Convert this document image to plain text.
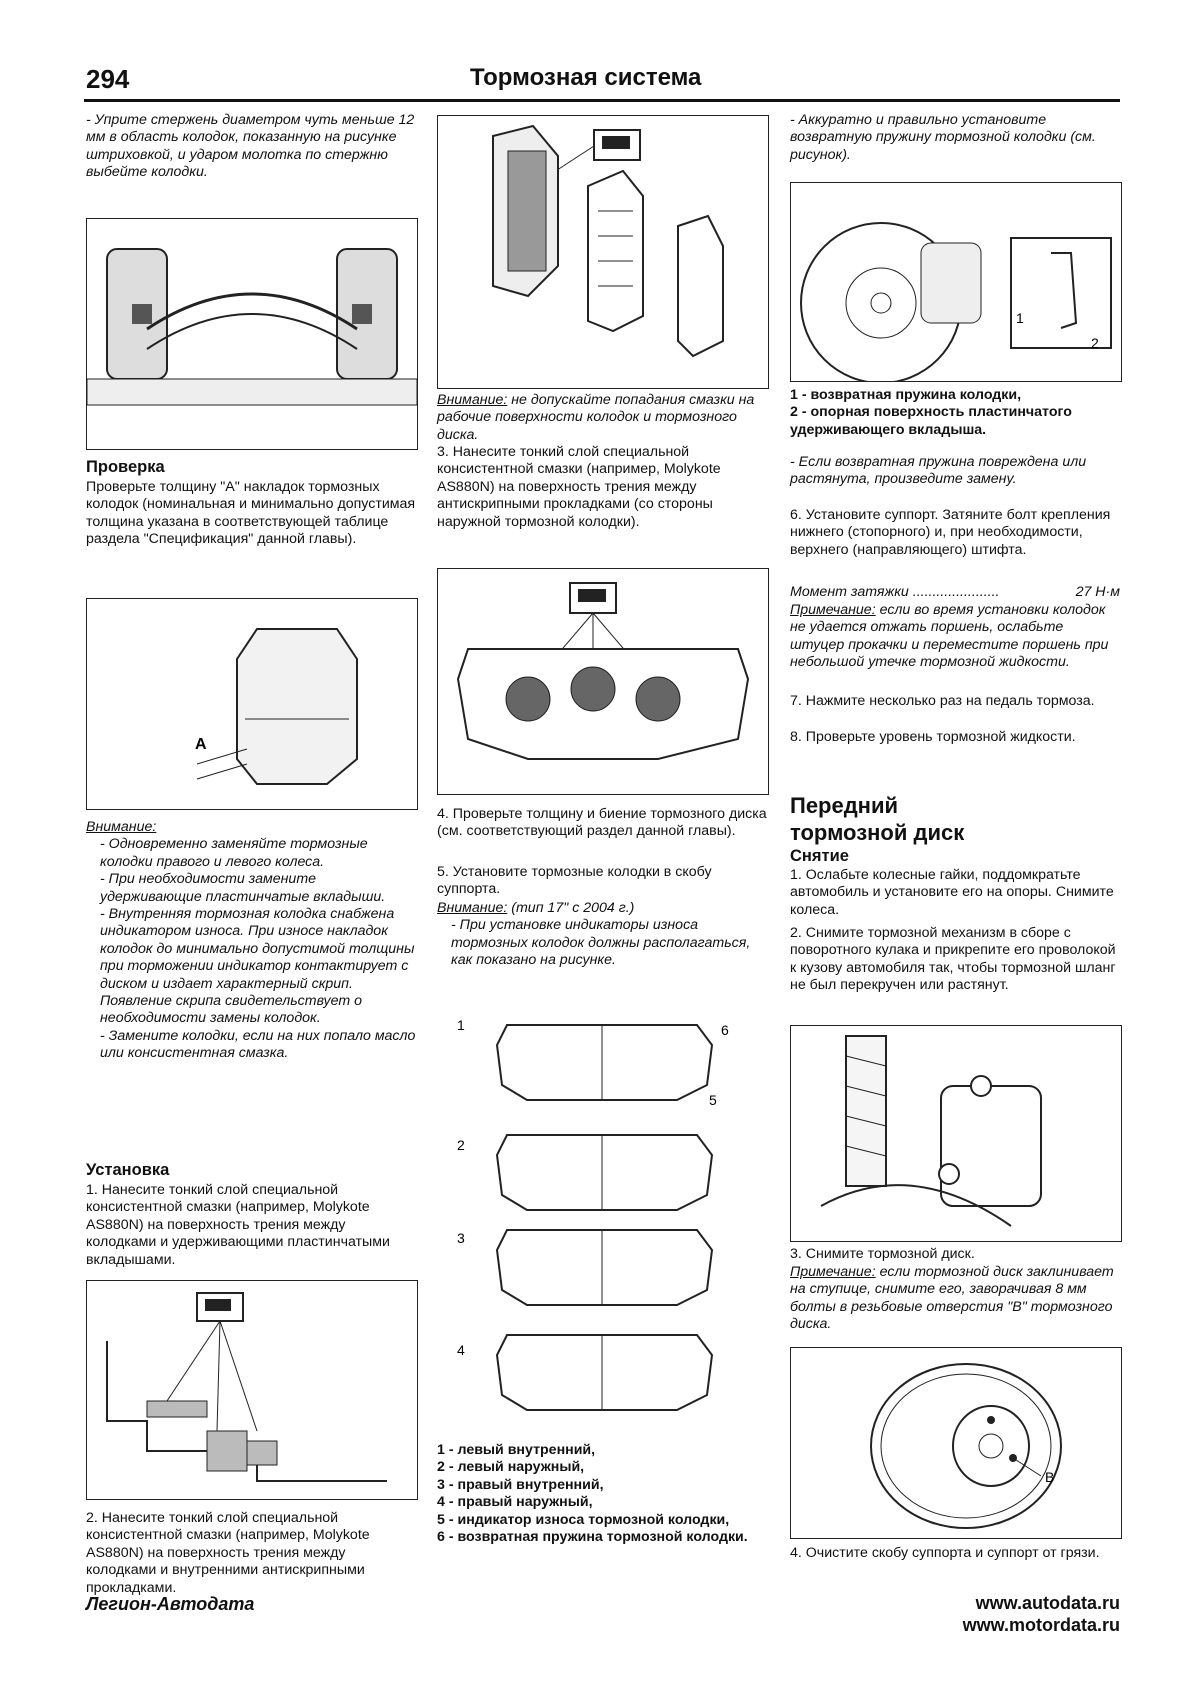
294	Тормозная система
- Уприте стержень диаметром чуть меньше 12 мм в область колодок, показанную на рисунке штриховкой, и ударом молотка по стержню выбейте колодки.

Проверка

Проверьте толщину "А" накладок тормозных колодок (номинальная и минимально допустимая толщина указана в соответствующей таблице раздела "Спецификация" данной главы).
A

Внимание:

- Одновременно заменяйте тормозные колодки правого и левого колеса.

- При необходимости замените удерживающие пластинчатые вкладыши.

- Внутренняя тормозная колодка снабжена индикатором износа. При износе накладок колодок до минимально допустимой толщины при торможении индикатор контактирует с диском и издает характерный скрип. Появление скрипа свидетельствует о необходимости замены колодок.

- Замените колодки, если на них попало масло или консистентная смазка.

Установка

1. Нанесите тонкий слой специальной консистентной смазки (например, Molykote AS880N) на поверхность трения между колодками и удерживающими пластинчатыми вкладышами.
2. Нанесите тонкий слой специальной консистентной смазки (например, Molykote AS880N) на поверхность трения между колодками и внутренними антискрипными прокладками.

Внимание: не допускайте попадания смазки на рабочие поверхности колодок и тормозного диска.

3. Нанесите тонкий слой специальной консистентной смазки (например, Molykote AS880N) на поверхность трения между антискрипными прокладками (со стороны наружной тормозной колодки).
4. Проверьте толщину и биение тормозного диска (см. соответствующий раздел данной главы).
5. Установите тормозные колодки в скобу суппорта.

Внимание: (тип 17" с 2004 г.)

- При установке индикаторы износа тормозных колодок должны располагаться, как показано на рисунке.

1
2
3
4
5
6

1 - левый внутренний,

2 - левый наружный,

3 - правый внутренний,

4 - правый наружный,

5 - индикатор износа тормозной колодки,

6 - возвратная пружина тормозной колодки.

- Аккуратно и правильно установите возвратную пружину тормозной колодки (см. рисунок).
1
2

1 - возвратная пружина колодки,

2 - опорная поверхность пластинчатого удерживающего вкладыша.

- Если возвратная пружина повреждена или растянута, произведите замену.
6. Установите суппорт. Затяните болт крепления нижнего (стопорного) и, при необходимости, верхнего (направляющего) штифта.
Момент затяжки ......................	27 Н·м

Примечание: если во время установки колодок не удается отжать поршень, ослабьте штуцер прокачки и переместите поршень при небольшой утечке тормозной жидкости.

7. Нажмите несколько раз на педаль тормоза.
8. Проверьте уровень тормозной жидкости.
Передний тормозной диск

Снятие

1. Ослабьте колесные гайки, поддомкратьте автомобиль и установите его на опоры. Снимите колеса.
2. Снимите тормозной механизм в сборе с поворотного кулака и прикрепите его проволокой к кузову автомобиля так, чтобы тормозной шланг не был перекручен или растянут.
3. Снимите тормозной диск.

Примечание: если тормозной диск заклинивает на ступице, снимите его, заворачивая 8 мм болты в резьбовые отверстия "В" тормозного диска.

B
4. Очистите скобу суппорта и суппорт от грязи.
Легион-Автодата	www.autodata.ru
www.motordata.ru
